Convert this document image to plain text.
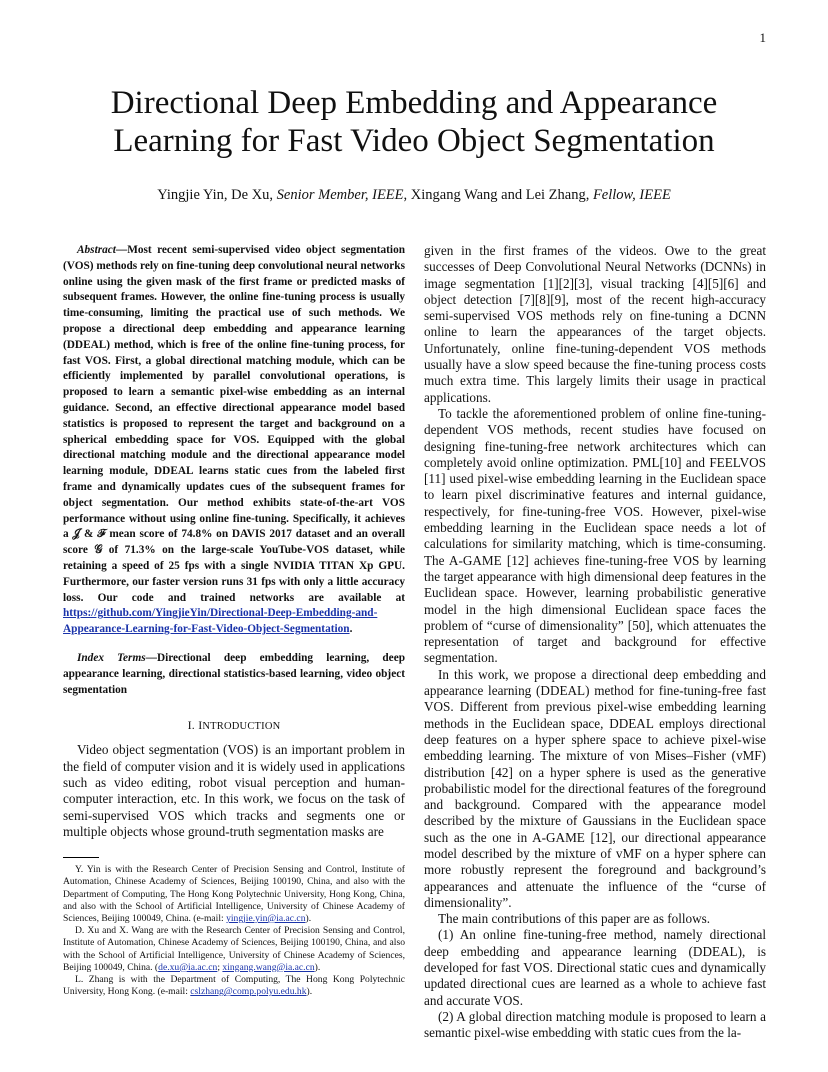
1
Directional Deep Embedding and Appearance
Learning for Fast Video Object Segmentation
Yingjie Yin, De Xu, Senior Member, IEEE, Xingang Wang and Lei Zhang, Fellow, IEEE

Abstract—Most recent semi-supervised video object segmentation (VOS) methods rely on fine-tuning deep convolutional neural networks online using the given mask of the first frame or predicted masks of subsequent frames. However, the online fine-tuning process is usually time-consuming, limiting the practical use of such methods. We propose a directional deep embedding and appearance learning (DDEAL) method, which is free of the online fine-tuning process, for fast VOS. First, a global directional matching module, which can be efficiently implemented by parallel convolutional operations, is proposed to learn a semantic pixel-wise embedding as an internal guidance. Second, an effective directional appearance model based statistics is proposed to represent the target and background on a spherical embedding space for VOS. Equipped with the global directional matching module and the directional appearance model learning module, DDEAL learns static cues from the labeled first frame and dynamically updates cues of the subsequent frames for object segmentation. Our method exhibits state-of-the-art VOS performance without using online fine-tuning. Specifically, it achieves a 𝒥 & ℱ mean score of 74.8% on DAVIS 2017 dataset and an overall score 𝒢 of 71.3% on the large-scale YouTube-VOS dataset, while retaining a speed of 25 fps with a single NVIDIA TITAN Xp GPU. Furthermore, our faster version runs 31 fps with only a little accuracy loss. Our code and trained networks are available at https://github.com/YingjieYin/Directional-Deep-Embedding-and-Appearance-Learning-for-Fast-Video-Object-Segmentation.

Index Terms—Directional deep embedding learning, deep appearance learning, directional statistics-based learning, video object segmentation

I. INTRODUCTION

Video object segmentation (VOS) is an important problem in the field of computer vision and it is widely used in applications such as video editing, robot visual perception and human-computer interaction, etc. In this work, we focus on the task of semi-supervised VOS which tracks and segments one or multiple objects whose ground-truth segmentation masks are

Y. Yin is with the Research Center of Precision Sensing and Control, Institute of Automation, Chinese Academy of Sciences, Beijing 100190, China, and also with the Department of Computing, The Hong Kong Polytechnic University, Hong Kong, China, and also with the School of Artificial Intelligence, University of Chinese Academy of Sciences, Beijing 100049, China. (e-mail: yingjie.yin@ia.ac.cn).

D. Xu and X. Wang are with the Research Center of Precision Sensing and Control, Institute of Automation, Chinese Academy of Sciences, Beijing 100190, China, and also with the School of Artificial Intelligence, University of Chinese Academy of Sciences, Beijing 100049, China. (de.xu@ia.ac.cn; xingang.wang@ia.ac.cn).

L. Zhang is with the Department of Computing, The Hong Kong Polytechnic University, Hong Kong. (e-mail: cslzhang@comp.polyu.edu.hk).

given in the first frames of the videos. Owe to the great successes of Deep Convolutional Neural Networks (DCNNs) in image segmentation [1][2][3], visual tracking [4][5][6] and object detection [7][8][9], most of the recent high-accuracy semi-supervised VOS methods rely on fine-tuning a DCNN online to learn the appearances of the target objects. Unfortunately, online fine-tuning-dependent VOS methods usually have a slow speed because the fine-tuning process costs much extra time. This largely limits their usage in practical applications.

To tackle the aforementioned problem of online fine-tuning-dependent VOS methods, recent studies have focused on designing fine-tuning-free network architectures which can completely avoid online optimization. PML[10] and FEELVOS [11] used pixel-wise embedding learning in the Euclidean space to learn pixel discriminative features and internal guidance, respectively, for fine-tuning-free VOS. However, pixel-wise embedding learning in the Euclidean space needs a lot of calculations for similarity matching, which is time-consuming. The A-GAME [12] achieves fine-tuning-free VOS by learning the target appearance with high dimensional deep features in the Euclidean space. However, learning probabilistic generative model in the high dimensional Euclidean space faces the problem of “curse of dimensionality” [50], which attenuates the representation of target and background for effective segmentation.

In this work, we propose a directional deep embedding and appearance learning (DDEAL) method for fine-tuning-free fast VOS. Different from previous pixel-wise embedding learning methods in the Euclidean space, DDEAL employs directional deep features on a hyper sphere space to achieve pixel-wise embedding learning. The mixture of von Mises–Fisher (vMF) distribution [42] on a hyper sphere is used as the generative probabilistic model for the directional features of the foreground and background. Compared with the appearance model described by the mixture of Gaussians in the Euclidean space such as the one in A-GAME [12], our directional appearance model described by the mixture of vMF on a hyper sphere can more robustly represent the foreground and background’s appearances and attenuate the influence of the “curse of dimensionality”.

The main contributions of this paper are as follows.

(1) An online fine-tuning-free method, namely directional deep embedding and appearance learning (DDEAL), is developed for fast VOS. Directional static cues and dynamically updated directional cues are learned as a whole to achieve fast and accurate VOS.

(2) A global direction matching module is proposed to learn a semantic pixel-wise embedding with static cues from the la-
